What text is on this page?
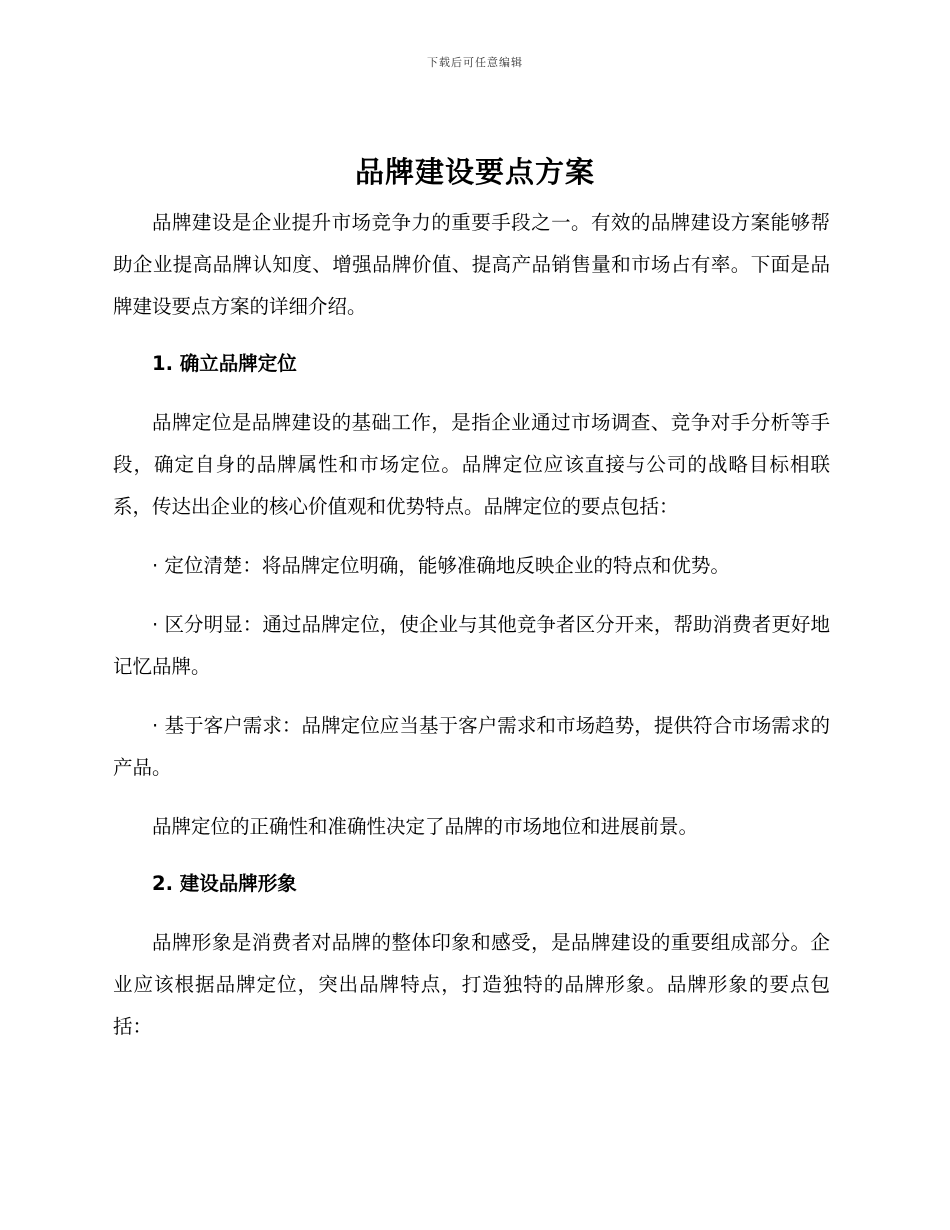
下载后可任意编辑
品牌建设要点方案

品牌建设是企业提升市场竞争力的重要手段之一。有效的品牌建设方案能够帮助企业提高品牌认知度、增强品牌价值、提高产品销售量和市场占有率。下面是品牌建设要点方案的详细介绍。

1. 确立品牌定位

品牌定位是品牌建设的基础工作，是指企业通过市场调查、竞争对手分析等手段，确定自身的品牌属性和市场定位。品牌定位应该直接与公司的战略目标相联系，传达出企业的核心价值观和优势特点。品牌定位的要点包括：

· 定位清楚：将品牌定位明确，能够准确地反映企业的特点和优势。

· 区分明显：通过品牌定位，使企业与其他竞争者区分开来，帮助消费者更好地记忆品牌。

· 基于客户需求：品牌定位应当基于客户需求和市场趋势，提供符合市场需求的产品。

品牌定位的正确性和准确性决定了品牌的市场地位和进展前景。

2. 建设品牌形象

品牌形象是消费者对品牌的整体印象和感受，是品牌建设的重要组成部分。企业应该根据品牌定位，突出品牌特点，打造独特的品牌形象。品牌形象的要点包括：
